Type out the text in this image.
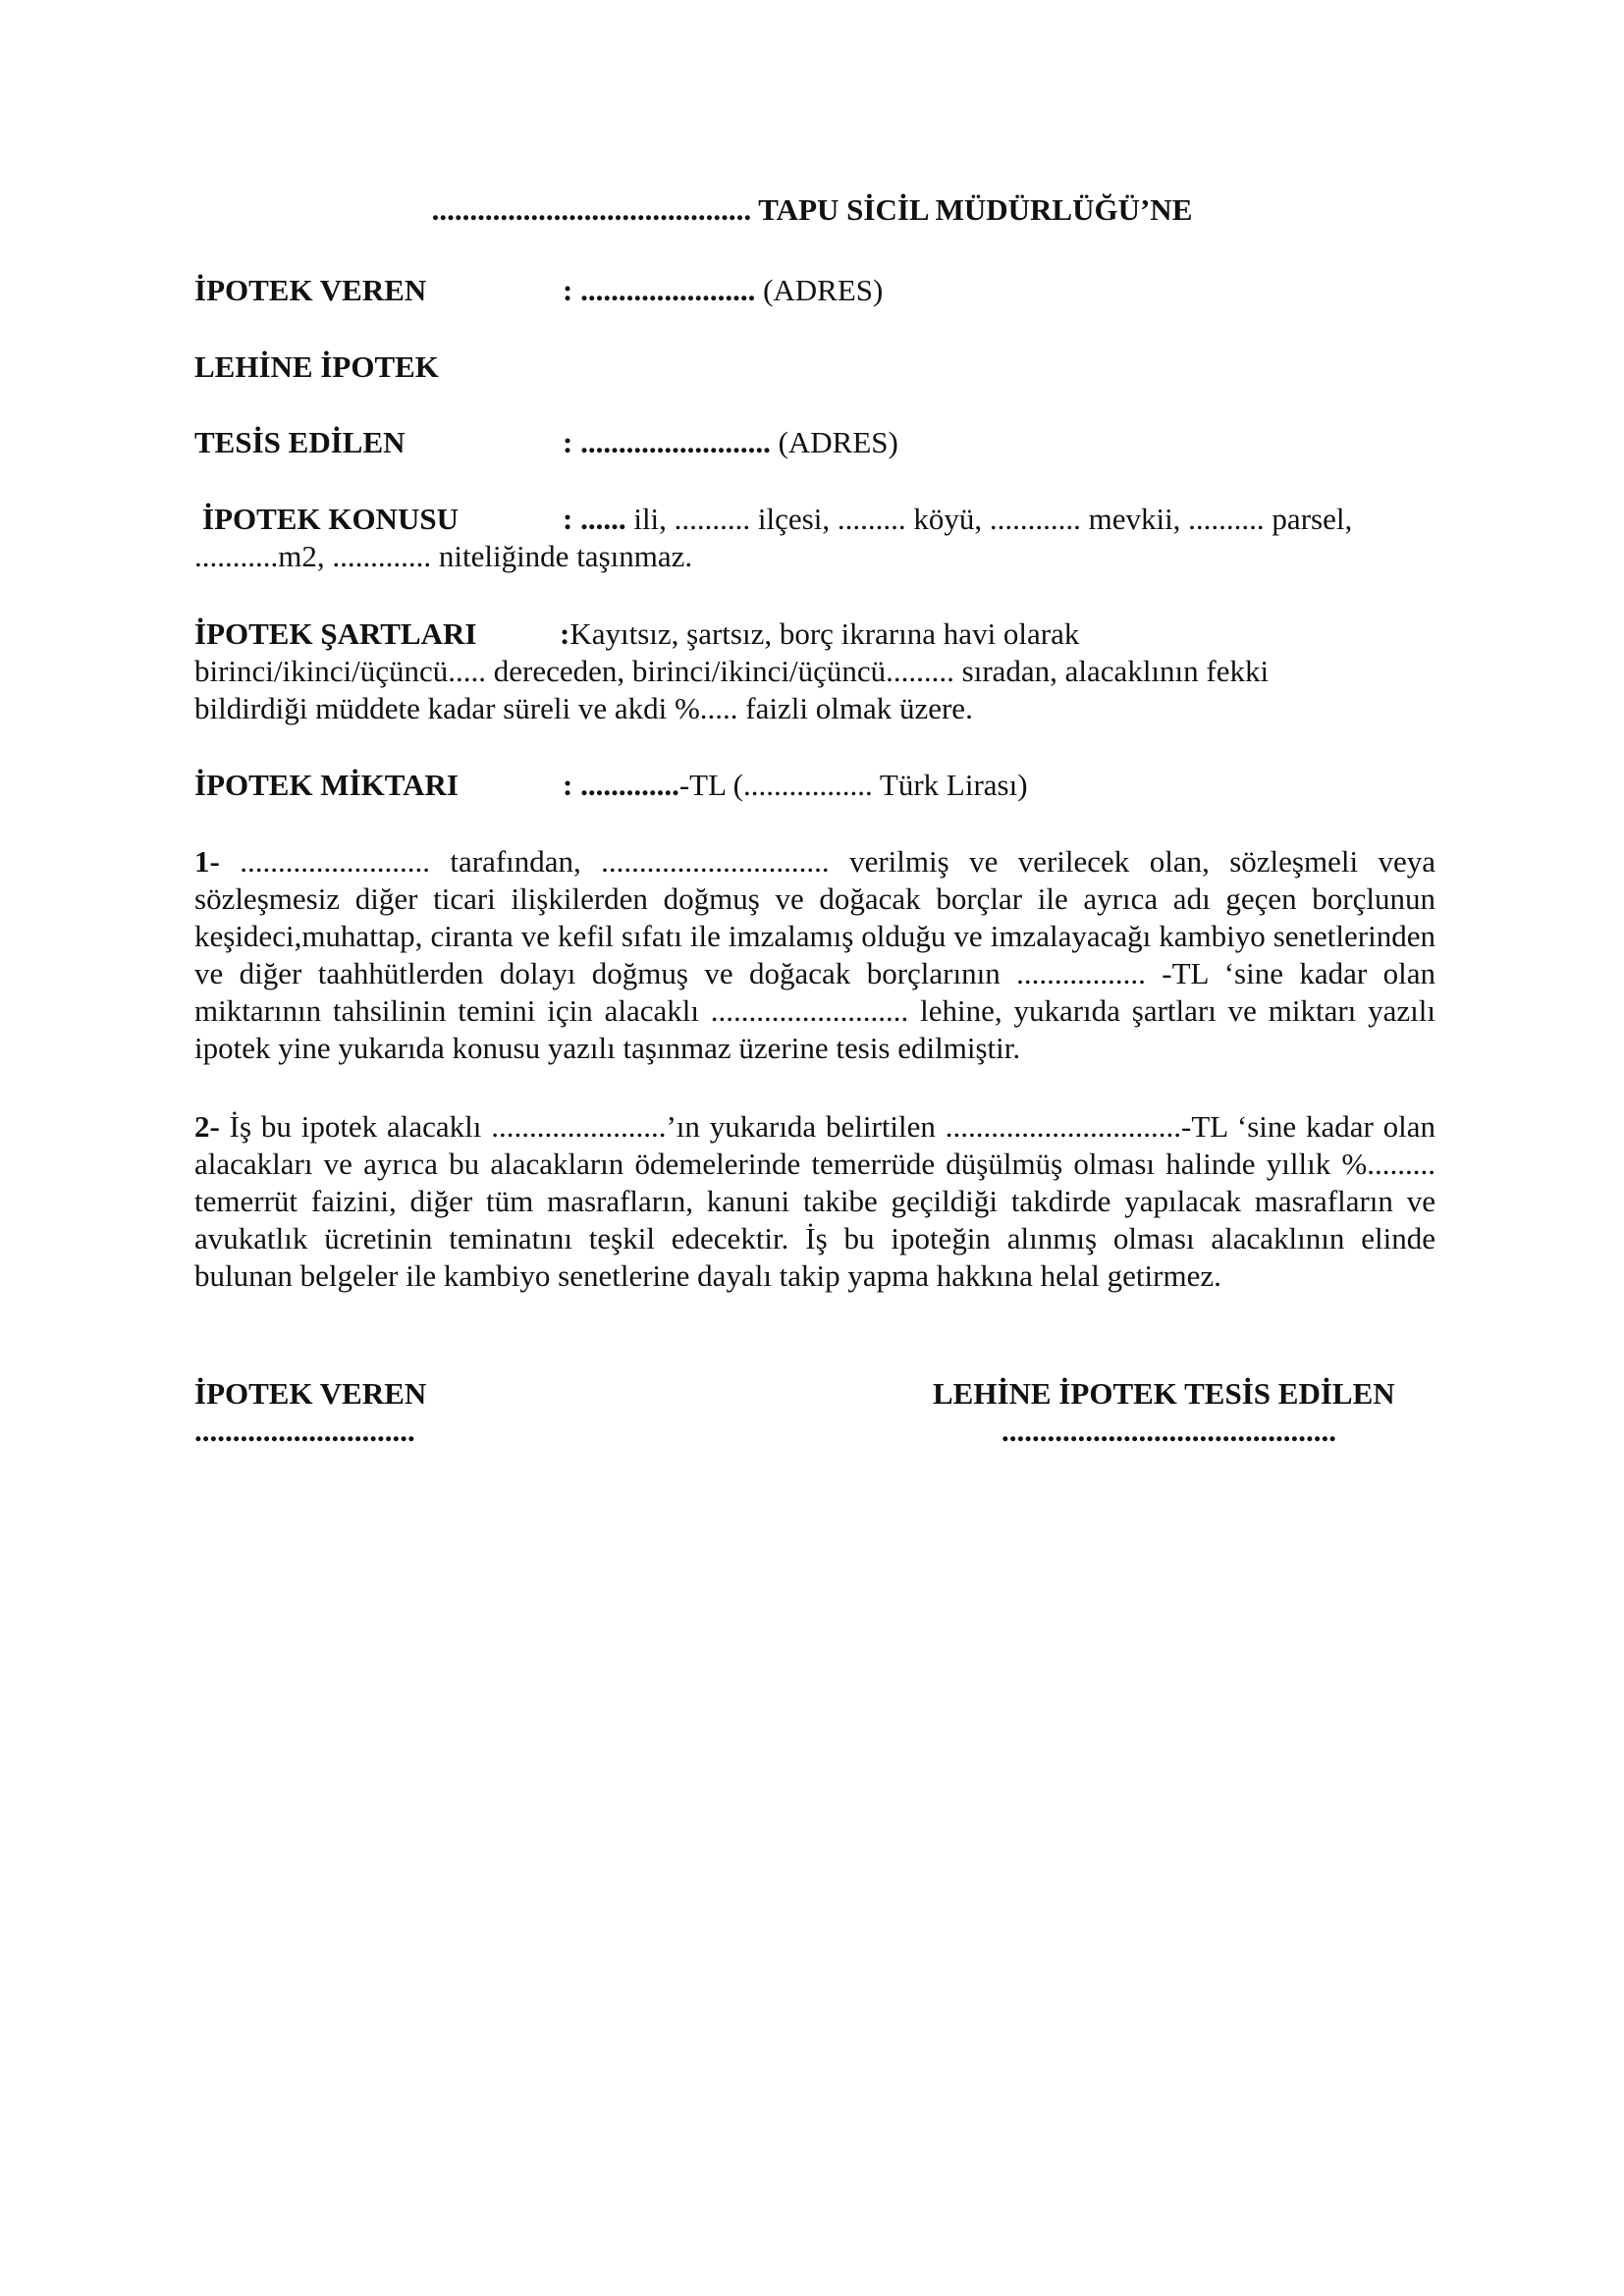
.......................................... TAPU SİCİL MÜDÜRLÜĞÜ’NE
İPOTEK VEREN	: ....................... (ADRES)
LEHİNE İPOTEK
TESİS EDİLEN	: ......................... (ADRES)
İPOTEK KONUSU	: ...... ili, .......... ilçesi, ......... köyü, ............ mevkii, .......... parsel,
...........m2, ............. niteliğinde taşınmaz.
İPOTEK ŞARTLARI	:Kayıtsız, şartsız, borç ikrarına havi olarak
birinci/ikinci/üçüncü..... dereceden, birinci/ikinci/üçüncü......... sıradan, alacaklının fekki
bildirdiği müddete kadar süreli ve akdi %..... faizli olmak üzere.
İPOTEK MİKTARI	: .............-TL (................. Türk Lirası)
1- ......................... tarafından, .............................. verilmiş ve verilecek olan, sözleşmeli veya sözleşmesiz diğer ticari ilişkilerden doğmuş ve doğacak borçlar ile ayrıca adı geçen borçlunun keşideci,muhattap, ciranta ve kefil sıfatı ile imzalamış olduğu ve imzalayacağı kambiyo senetlerinden ve diğer taahhütlerden dolayı doğmuş ve doğacak borçlarının ................. -TL ‘sine kadar olan miktarının tahsilinin temini için alacaklı .......................... lehine, yukarıda şartları ve miktarı yazılı ipotek yine yukarıda konusu yazılı taşınmaz üzerine tesis edilmiştir.
2- İş bu ipotek alacaklı .......................’ın yukarıda belirtilen ...............................-TL ‘sine kadar olan alacakları ve ayrıca bu alacakların ödemelerinde temerrüde düşülmüş olması halinde yıllık %......... temerrüt faizini, diğer tüm masrafların, kanuni takibe geçildiği takdirde yapılacak masrafların ve avukatlık ücretinin teminatını teşkil edecektir. İş bu ipoteğin alınmış olması alacaklının elinde bulunan belgeler ile kambiyo senetlerine dayalı takip yapma hakkına helal getirmez.
İPOTEK VEREN
.............................
LEHİNE İPOTEK TESİS EDİLEN
............................................
